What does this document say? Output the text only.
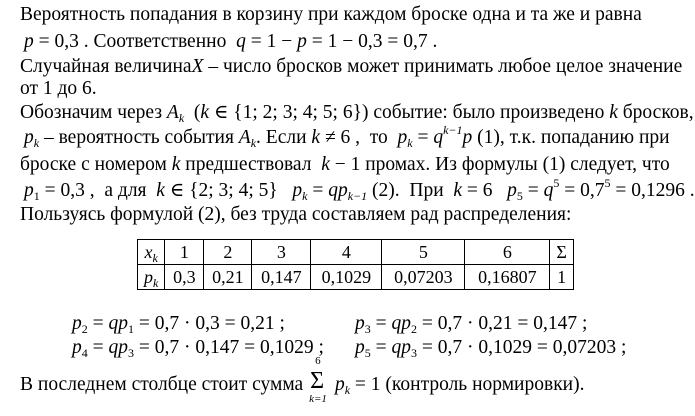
Вероятность попадания в корзину при каждом броске одна и та же и равна
p = 0,3 . Соответственно  q = 1 − p = 1 − 0,3 = 0,7 .
Случайная величинаX – число бросков может принимать любое целое значение
от 1 до 6.
Обозначим через $A_k$  (k ∈ {1; 2; 3; 4; 5; 6}) событие: было произведено k бросков,
$p_k$ – вероятность события $A_k$. Если k ≠ 6 ,  то  $p_k = q^{k-1}p$ (1), т.к. попаданию при
броске с номером k предшествовал  k − 1 промах. Из формулы (1) следует, что
$p_1 = 0,3$ ,  а для  k ∈ {2; 3; 4; 5}   $p_k = qp_{k-1}$ (2).  При  k = 6   $p_5 = q^5 = 0,7^5 = 0,1296$ .
Пользуясь формулой (2), без труда составляем рад распределения:
$x_k$	1	2	3	4	5	6	Σ
$p_k$	0,3	0,21	0,147	0,1029	0,07203	0,16807	1
$p_2 = qp_1 = 0,7 \cdot 0,3 = 0,21$ ;	$p_3 = qp_2 = 0,7 \cdot 0,21 = 0,147$ ;
$p_4 = qp_3 = 0,7 \cdot 0,147 = 0,1029$ ; $p_5 = qp_3 = 0,7 \cdot 0,1029 = 0,07203$ ;
В последнем столбце стоит сумма
6
Σ
k=1
$p_k = 1$ (контроль нормировки).
